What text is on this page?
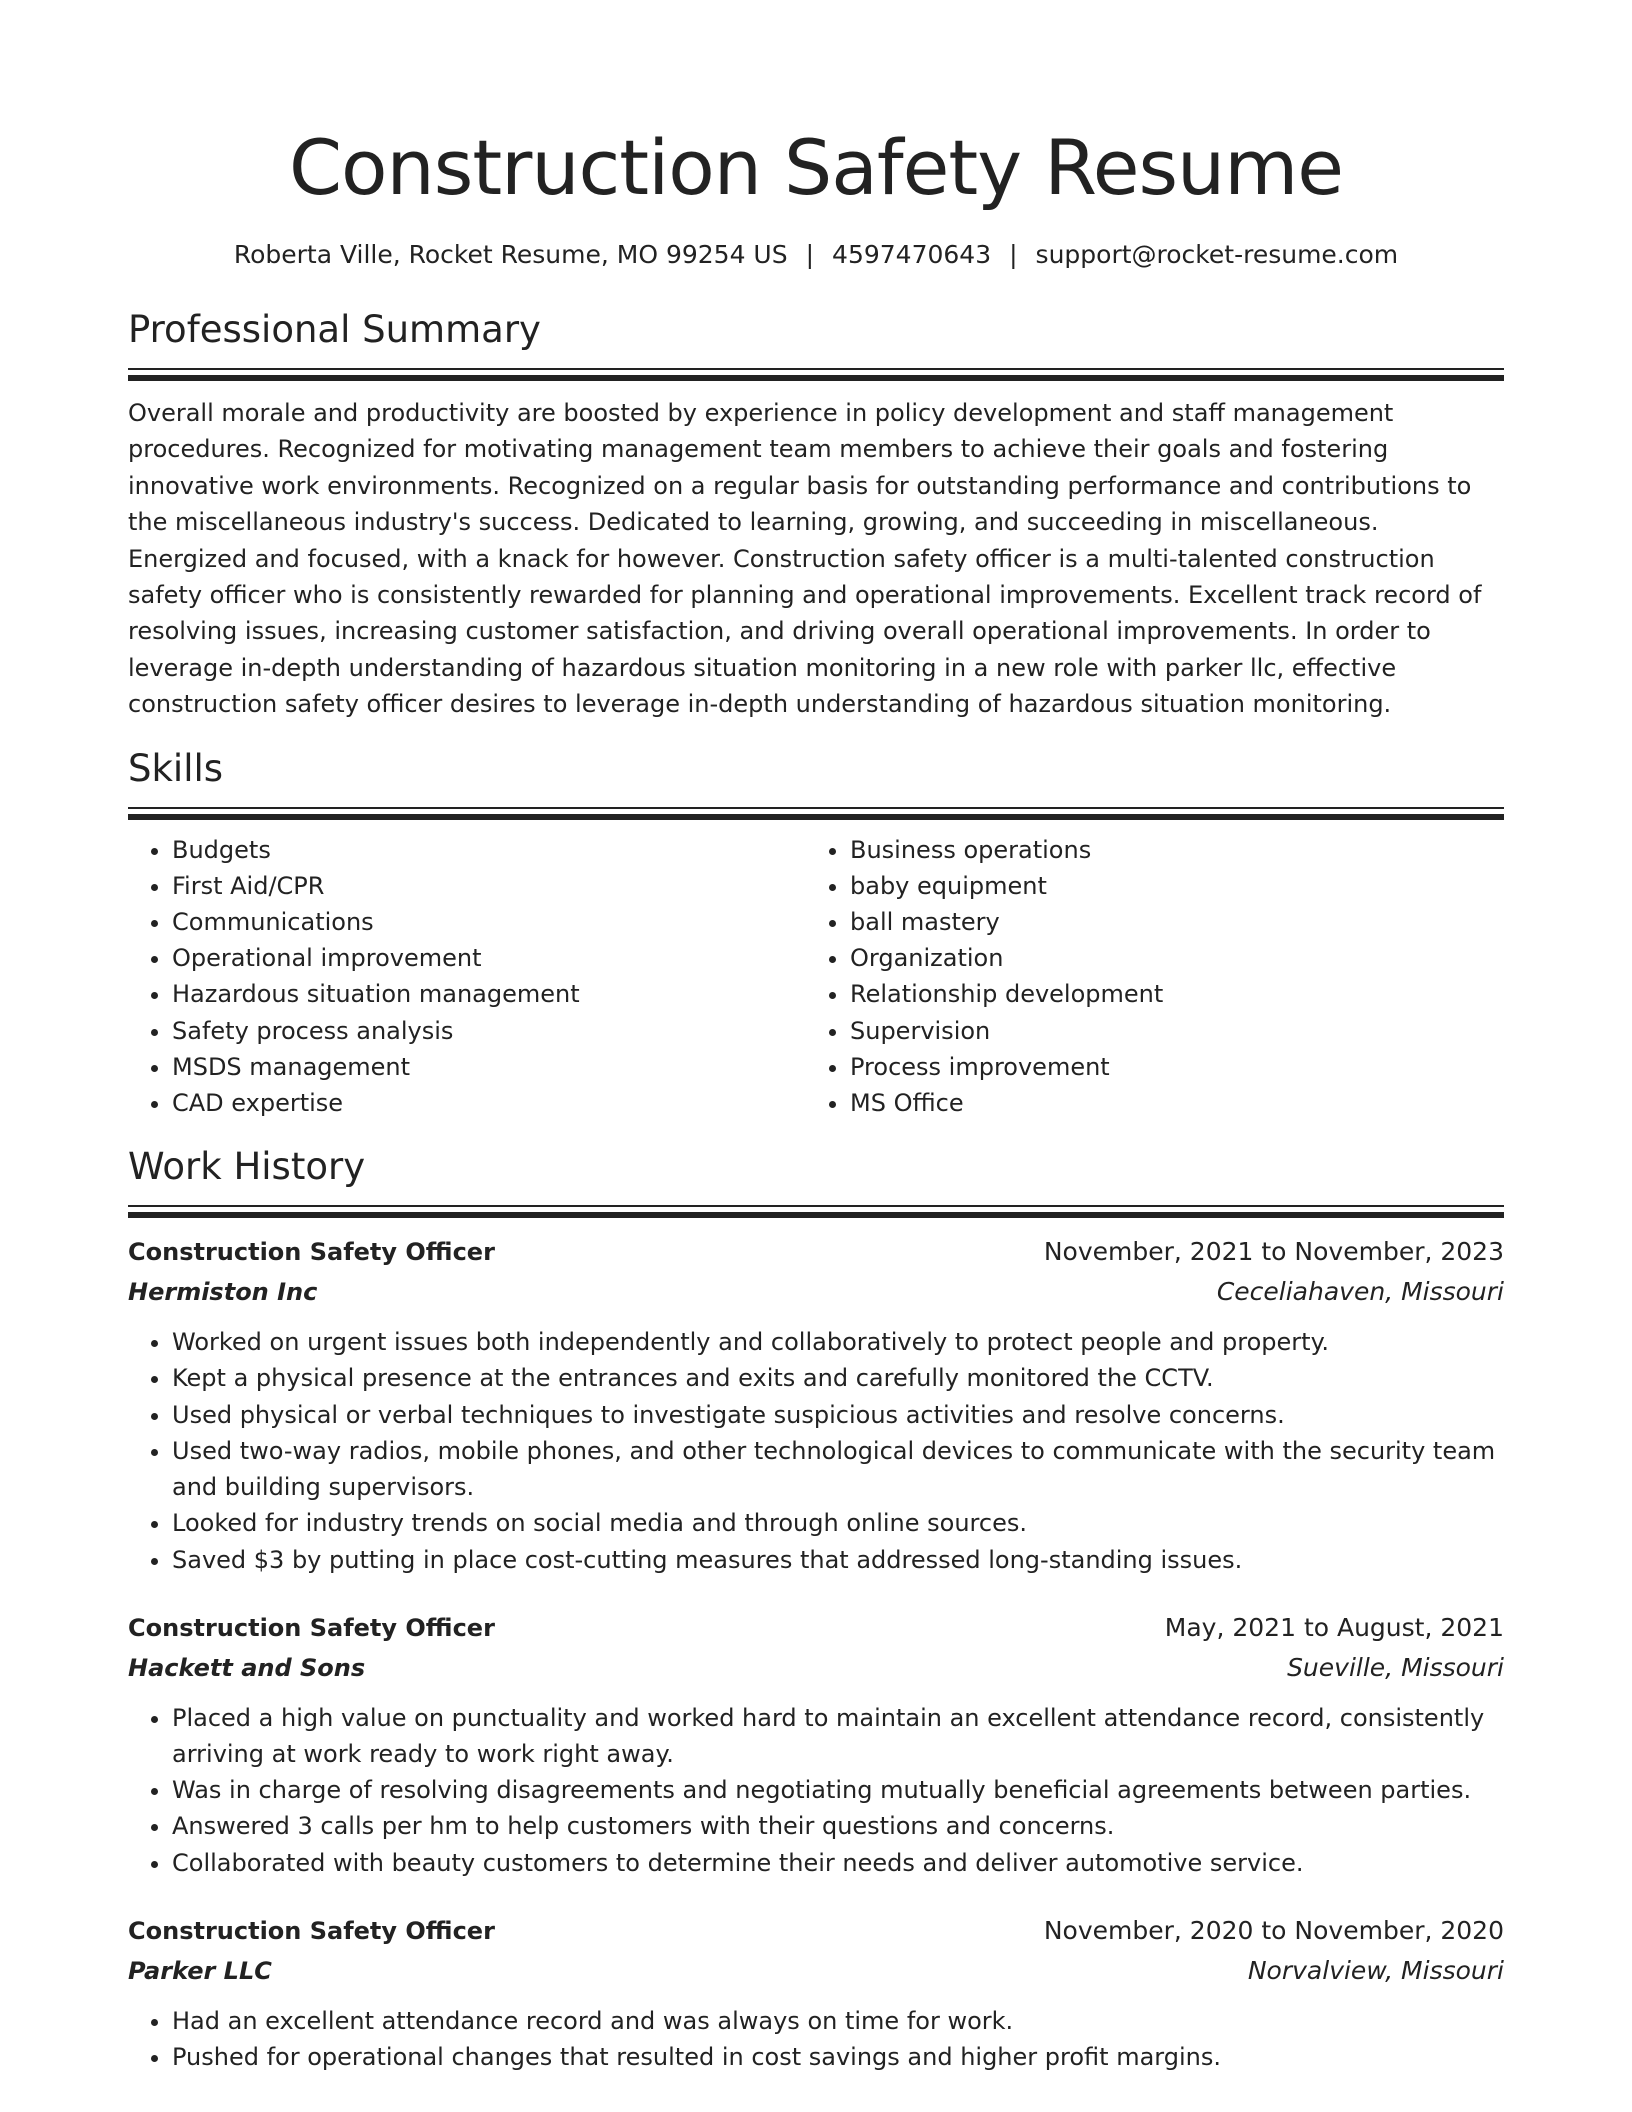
Construction Safety Resume
Roberta Ville, Rocket Resume, MO 99254 US | 4597470643 | support@rocket-resume.com
Professional Summary
Overall morale and productivity are boosted by experience in policy development and staff management procedures. Recognized for motivating management team members to achieve their goals and fostering innovative work environments. Recognized on a regular basis for outstanding performance and contributions to the miscellaneous industry's success. Dedicated to learning, growing, and succeeding in miscellaneous. Energized and focused, with a knack for however. Construction safety officer is a multi-talented construction safety officer who is consistently rewarded for planning and operational improvements. Excellent track record of resolving issues, increasing customer satisfaction, and driving overall operational improvements. In order to leverage in-depth understanding of hazardous situation monitoring in a new role with parker llc, effective construction safety officer desires to leverage in-depth understanding of hazardous situation monitoring.
Skills
• Budgets
• First Aid/CPR
• Communications
• Operational improvement
• Hazardous situation management
• Safety process analysis
• MSDS management
• CAD expertise
• Business operations
• baby equipment
• ball mastery
• Organization
• Relationship development
• Supervision
• Process improvement
• MS Office
Work History
Construction Safety Officer	November, 2021 to November, 2023
Hermiston Inc	Ceceliahaven, Missouri
• Worked on urgent issues both independently and collaboratively to protect people and property.
• Kept a physical presence at the entrances and exits and carefully monitored the CCTV.
• Used physical or verbal techniques to investigate suspicious activities and resolve concerns.
• Used two-way radios, mobile phones, and other technological devices to communicate with the security team and building supervisors.
• Looked for industry trends on social media and through online sources.
• Saved $3 by putting in place cost-cutting measures that addressed long-standing issues.
Construction Safety Officer	May, 2021 to August, 2021
Hackett and Sons	Sueville, Missouri
• Placed a high value on punctuality and worked hard to maintain an excellent attendance record, consistently arriving at work ready to work right away.
• Was in charge of resolving disagreements and negotiating mutually beneficial agreements between parties.
• Answered 3 calls per hm to help customers with their questions and concerns.
• Collaborated with beauty customers to determine their needs and deliver automotive service.
Construction Safety Officer	November, 2020 to November, 2020
Parker LLC	Norvalview, Missouri
• Had an excellent attendance record and was always on time for work.
• Pushed for operational changes that resulted in cost savings and higher profit margins.
